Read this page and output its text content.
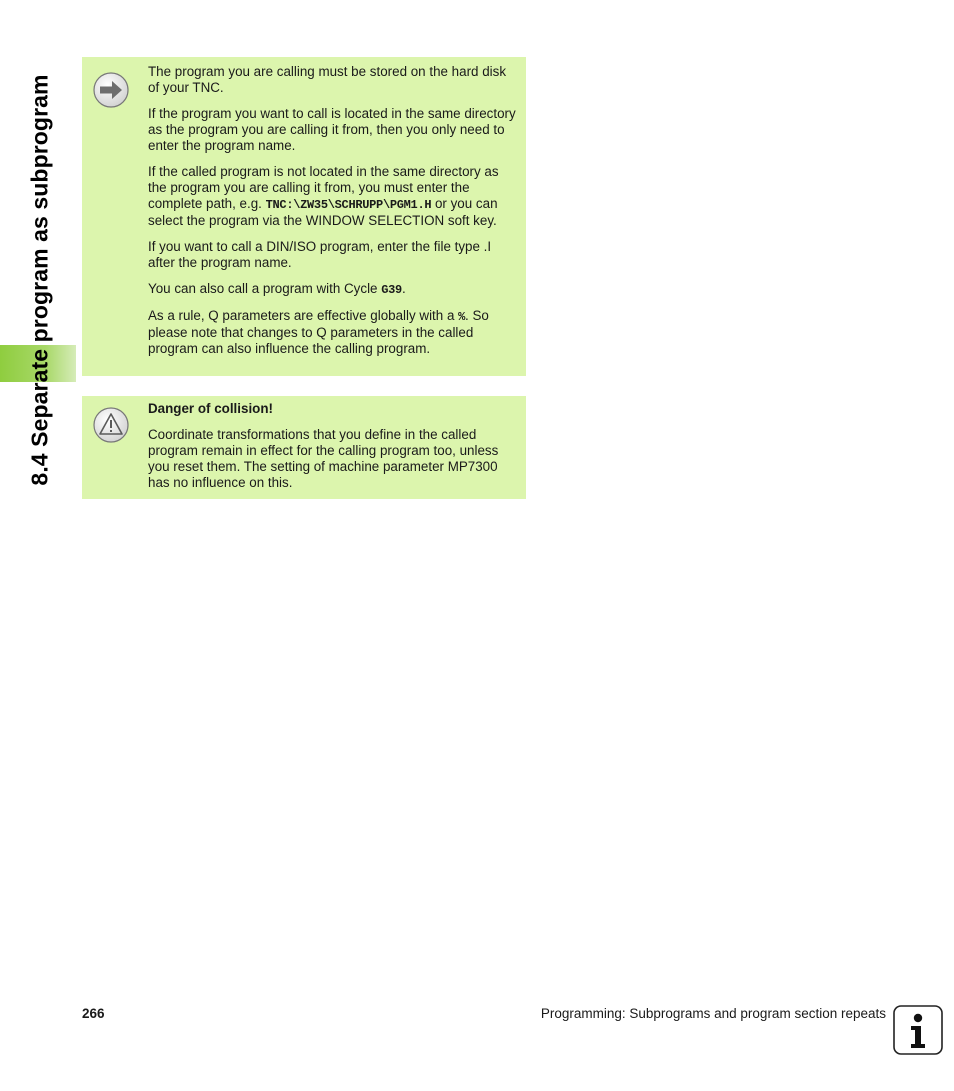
8.4 Separate program as subprogram

The program you are calling must be stored on the hard disk of your TNC.

If the program you want to call is located in the same directory as the program you are calling it from, then you only need to enter the program name.

If the called program is not located in the same directory as the program you are calling it from, you must enter the complete path, e.g. TNC:\ZW35\SCHRUPP\PGM1.H or you can select the program via the WINDOW SELECTION soft key.

If you want to call a DIN/ISO program, enter the file type .I after the program name.

You can also call a program with Cycle G39.

As a rule, Q parameters are effective globally with a %. So please note that changes to Q parameters in the called program can also influence the calling program.

Danger of collision!

Coordinate transformations that you define in the called program remain in effect for the calling program too, unless you reset them. The setting of machine parameter MP7300 has no influence on this.

266	Programming: Subprograms and program section repeats
